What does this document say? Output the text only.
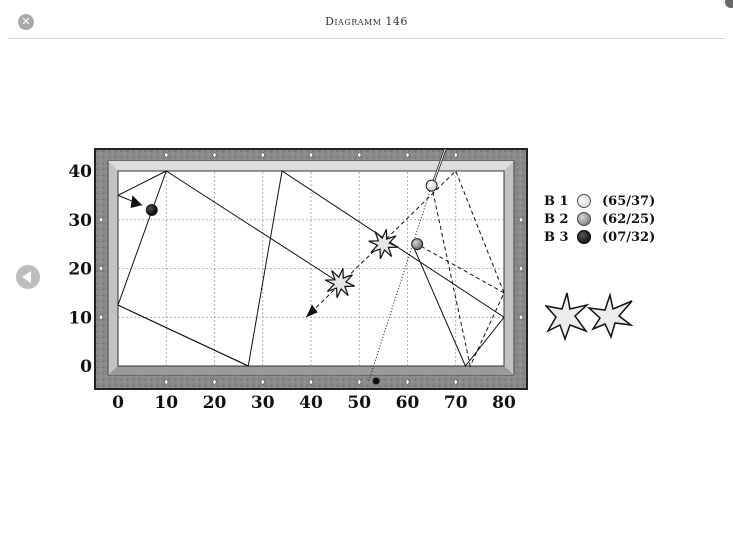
✕	Diagramm 146
0 10 20 30 40 50 60 70 80
40
30
20
10
0
B 1	(65/37)
B 2	(62/25)
B 3	(07/32)
